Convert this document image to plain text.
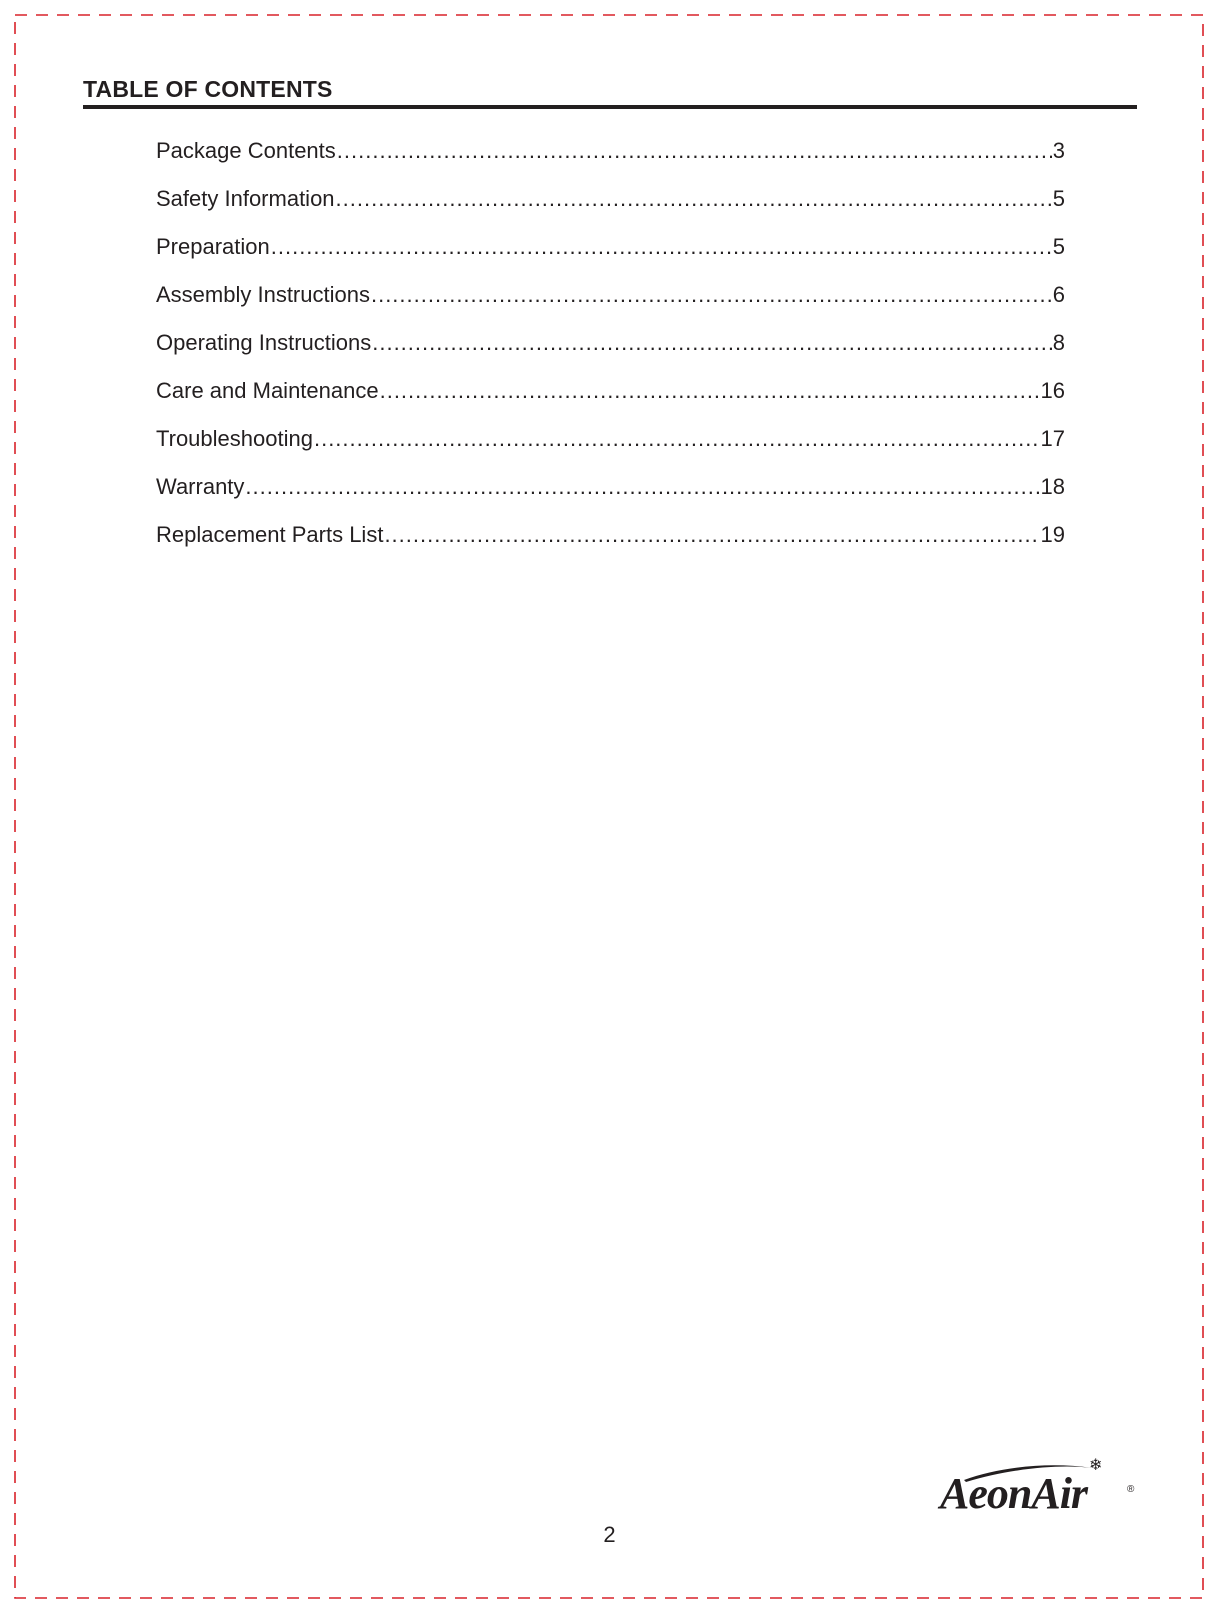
TABLE OF CONTENTS
Package Contents .....	3
Safety Information .....	5
Preparation .....	5
Assembly Instructions .....	6
Operating Instructions .....	8
Care and Maintenance .....	16
Troubleshooting .....	17
Warranty .....	18
Replacement Parts List .....	19
❄
AeonAir	®
2
